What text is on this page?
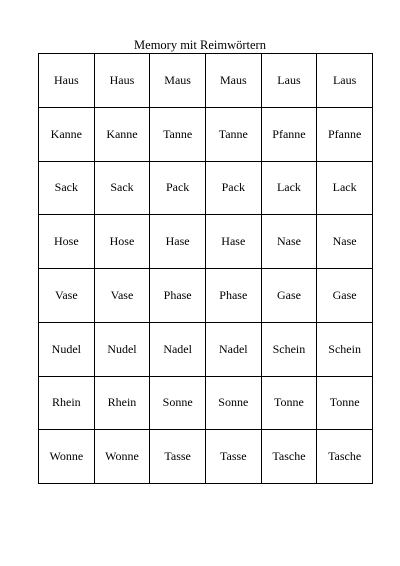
Memory mit Reimwörtern
Haus	Haus	Maus	Maus	Laus	Laus
Kanne	Kanne	Tanne	Tanne	Pfanne	Pfanne
Sack	Sack	Pack	Pack	Lack	Lack
Hose	Hose	Hase	Hase	Nase	Nase
Vase	Vase	Phase	Phase	Gase	Gase
Nudel	Nudel	Nadel	Nadel	Schein	Schein
Rhein	Rhein	Sonne	Sonne	Tonne	Tonne
Wonne	Wonne	Tasse	Tasse	Tasche	Tasche
